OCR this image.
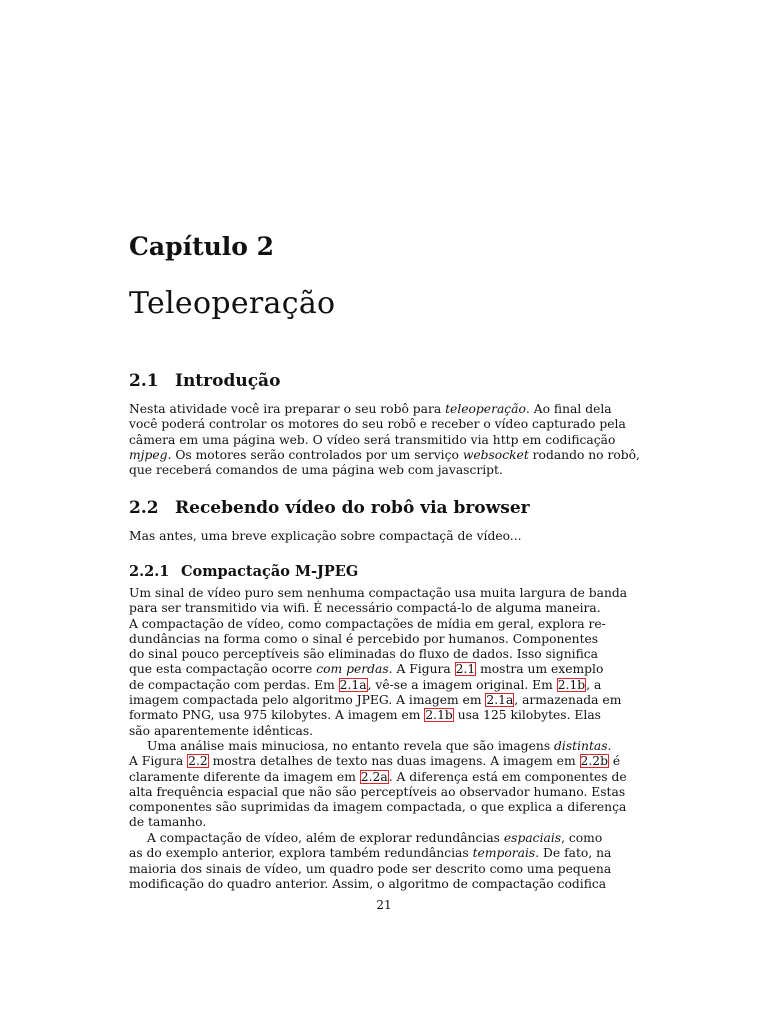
Capítulo 2
Teleoperação
2.1 Introdução
Nesta atividade você ira preparar o seu robô para teleoperação. Ao final dela
você poderá controlar os motores do seu robô e receber o vídeo capturado pela
câmera em uma página web. O vídeo será transmitido via http em codificação
mjpeg. Os motores serão controlados por um serviço websocket rodando no robô,
que receberá comandos de uma página web com javascript.
2.2 Recebendo vídeo do robô via browser
Mas antes, uma breve explicação sobre compactaçã de vídeo...
2.2.1 Compactação M-JPEG
Um sinal de vídeo puro sem nenhuma compactação usa muita largura de banda
para ser transmitido via wifi. É necessário compactá-lo de alguma maneira.
A compactação de vídeo, como compactações de mídia em geral, explora re-
dundâncias na forma como o sinal é percebido por humanos. Componentes
do sinal pouco perceptíveis são eliminadas do fluxo de dados. Isso significa
que esta compactação ocorre com perdas. A Figura 2.1 mostra um exemplo
de compactação com perdas. Em 2.1a, vê-se a imagem original. Em 2.1b, a
imagem compactada pelo algoritmo JPEG. A imagem em 2.1a, armazenada em
formato PNG, usa 975 kilobytes. A imagem em 2.1b usa 125 kilobytes. Elas
são aparentemente idênticas.
Uma análise mais minuciosa, no entanto revela que são imagens distintas.
A Figura 2.2 mostra detalhes de texto nas duas imagens. A imagem em 2.2b é
claramente diferente da imagem em 2.2a. A diferença está em componentes de
alta frequência espacial que não são perceptíveis ao observador humano. Estas
componentes são suprimidas da imagem compactada, o que explica a diferença
de tamanho.
A compactação de vídeo, além de explorar redundâncias espaciais, como
as do exemplo anterior, explora também redundâncias temporais. De fato, na
maioria dos sinais de vídeo, um quadro pode ser descrito como uma pequena
modificação do quadro anterior. Assim, o algoritmo de compactação codifica
21
